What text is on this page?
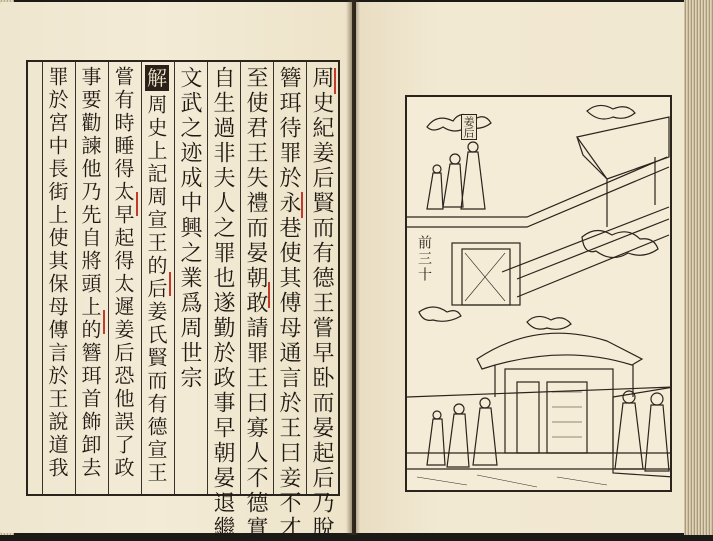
周史紀姜后賢而有德王嘗早卧而晏起后乃脫
簪珥待罪於永巷使其傅母通言於王曰妾不才
至使君王失禮而晏朝敢請罪王曰寡人不德實
自生過非夫人之罪也遂勤於政事早朝晏退繼
文武之迹成中興之業爲周世宗
解
周史上記周宣王的后姜氏賢而有德宣王
嘗有時睡得太早起得太遲姜后恐他誤了政
事要勸諫他乃先自將頭上的簪珥首飾卸去
罪於宮中長街上使其保母傳言於王說道我	姜后
前三十
